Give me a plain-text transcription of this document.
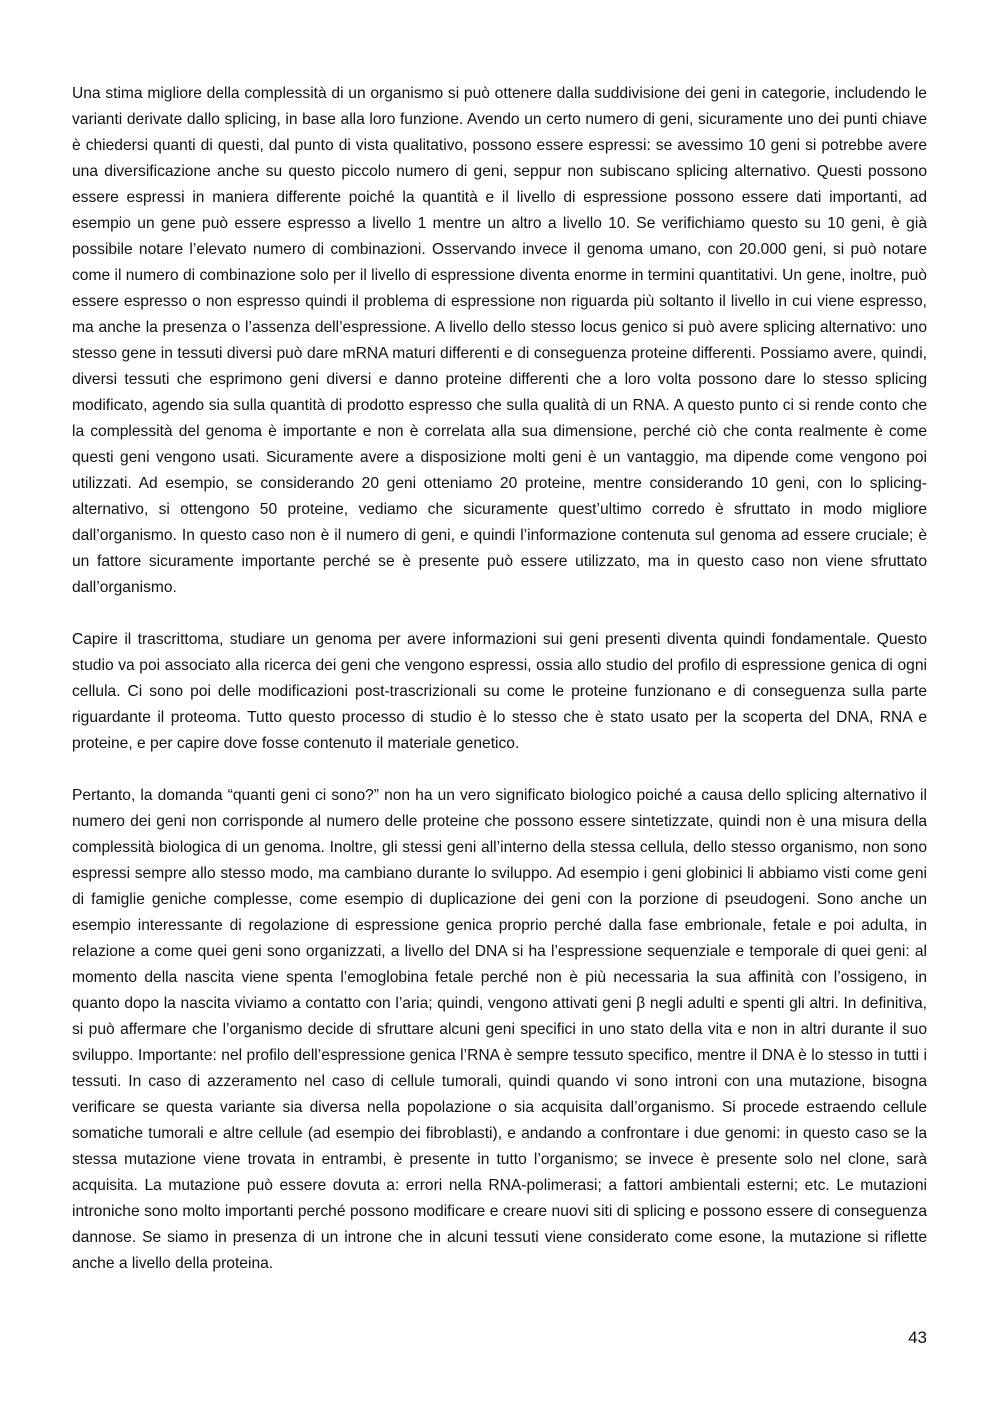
Una stima migliore della complessità di un organismo si può ottenere dalla suddivisione dei geni in categorie, includendo le varianti derivate dallo splicing, in base alla loro funzione. Avendo un certo numero di geni, sicuramente uno dei punti chiave è chiedersi quanti di questi, dal punto di vista qualitativo, possono essere espressi: se avessimo 10 geni si potrebbe avere una diversificazione anche su questo piccolo numero di geni, seppur non subiscano splicing alternativo. Questi possono essere espressi in maniera differente poiché la quantità e il livello di espressione possono essere dati importanti, ad esempio un gene può essere espresso a livello 1 mentre un altro a livello 10. Se verifichiamo questo su 10 geni, è già possibile notare l’elevato numero di combinazioni. Osservando invece il genoma umano, con 20.000 geni, si può notare come il numero di combinazione solo per il livello di espressione diventa enorme in termini quantitativi. Un gene, inoltre, può essere espresso o non espresso quindi il problema di espressione non riguarda più soltanto il livello in cui viene espresso, ma anche la presenza o l’assenza dell’espressione. A livello dello stesso locus genico si può avere splicing alternativo: uno stesso gene in tessuti diversi può dare mRNA maturi differenti e di conseguenza proteine differenti. Possiamo avere, quindi, diversi tessuti che esprimono geni diversi e danno proteine differenti che a loro volta possono dare lo stesso splicing modificato, agendo sia sulla quantità di prodotto espresso che sulla qualità di un RNA. A questo punto ci si rende conto che la complessità del genoma è importante e non è correlata alla sua dimensione, perché ciò che conta realmente è come questi geni vengono usati. Sicuramente avere a disposizione molti geni è un vantaggio, ma dipende come vengono poi utilizzati. Ad esempio, se considerando 20 geni otteniamo 20 proteine, mentre considerando 10 geni, con lo splicing-alternativo, si ottengono 50 proteine, vediamo che sicuramente quest’ultimo corredo è sfruttato in modo migliore dall’organismo. In questo caso non è il numero di geni, e quindi l’informazione contenuta sul genoma ad essere cruciale; è un fattore sicuramente importante perché se è presente può essere utilizzato, ma in questo caso non viene sfruttato dall’organismo.

Capire il trascrittoma, studiare un genoma per avere informazioni sui geni presenti diventa quindi fondamentale. Questo studio va poi associato alla ricerca dei geni che vengono espressi, ossia allo studio del profilo di espressione genica di ogni cellula. Ci sono poi delle modificazioni post-trascrizionali su come le proteine funzionano e di conseguenza sulla parte riguardante il proteoma. Tutto questo processo di studio è lo stesso che è stato usato per la scoperta del DNA, RNA e proteine, e per capire dove fosse contenuto il materiale genetico.

Pertanto, la domanda “quanti geni ci sono?” non ha un vero significato biologico poiché a causa dello splicing alternativo il numero dei geni non corrisponde al numero delle proteine che possono essere sintetizzate, quindi non è una misura della complessità biologica di un genoma. Inoltre, gli stessi geni all’interno della stessa cellula, dello stesso organismo, non sono espressi sempre allo stesso modo, ma cambiano durante lo sviluppo. Ad esempio i geni globinici li abbiamo visti come geni di famiglie geniche complesse, come esempio di duplicazione dei geni con la porzione di pseudogeni. Sono anche un esempio interessante di regolazione di espressione genica proprio perché dalla fase embrionale, fetale e poi adulta, in relazione a come quei geni sono organizzati, a livello del DNA si ha l’espressione sequenziale e temporale di quei geni: al momento della nascita viene spenta l’emoglobina fetale perché non è più necessaria la sua affinità con l’ossigeno, in quanto dopo la nascita viviamo a contatto con l’aria; quindi, vengono attivati geni β negli adulti e spenti gli altri. In definitiva, si può affermare che l’organismo decide di sfruttare alcuni geni specifici in uno stato della vita e non in altri durante il suo sviluppo. Importante: nel profilo dell’espressione genica l’RNA è sempre tessuto specifico, mentre il DNA è lo stesso in tutti i tessuti. In caso di azzeramento nel caso di cellule tumorali, quindi quando vi sono introni con una mutazione, bisogna verificare se questa variante sia diversa nella popolazione o sia acquisita dall’organismo. Si procede estraendo cellule somatiche tumorali e altre cellule (ad esempio dei fibroblasti), e andando a confrontare i due genomi: in questo caso se la stessa mutazione viene trovata in entrambi, è presente in tutto l’organismo; se invece è presente solo nel clone, sarà acquisita. La mutazione può essere dovuta a: errori nella RNA-polimerasi; a fattori ambientali esterni; etc. Le mutazioni introniche sono molto importanti perché possono modificare e creare nuovi siti di splicing e possono essere di conseguenza dannose. Se siamo in presenza di un introne che in alcuni tessuti viene considerato come esone, la mutazione si riflette anche a livello della proteina.

43
